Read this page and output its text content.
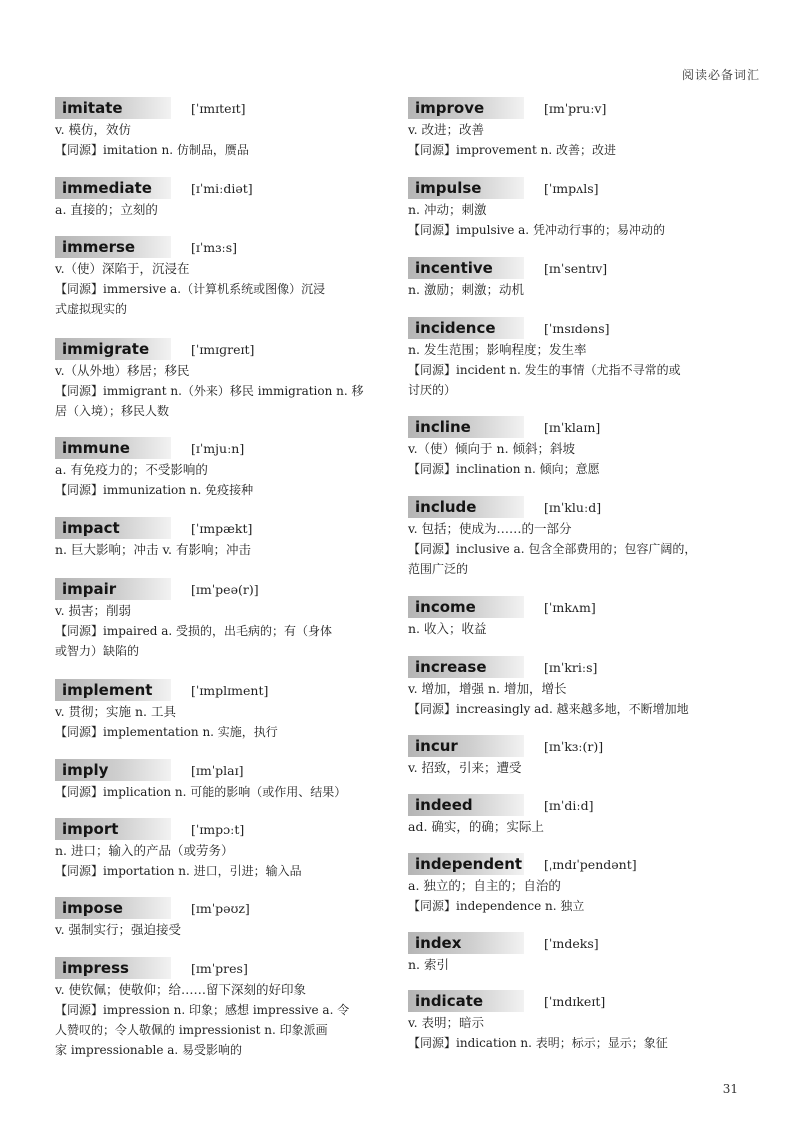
阅读必备词汇
imitate	[ˈɪmɪteɪt]
v. 模仿，效仿
【同源】imitation n. 仿制品，赝品
immediate	[ɪˈmiːdiət]
a. 直接的；立刻的
immerse	[ɪˈmɜːs]
v.（使）深陷于，沉浸在
【同源】immersive a.（计算机系统或图像）沉浸
式虚拟现实的
immigrate	[ˈɪmɪɡreɪt]
v.（从外地）移居；移民
【同源】immigrant n.（外来）移民 immigration n. 移
居（入境）；移民人数
immune	[ɪˈmjuːn]
a. 有免疫力的；不受影响的
【同源】immunization n. 免疫接种
impact	[ˈɪmpækt]
n. 巨大影响；冲击 v. 有影响；冲击
impair	[ɪmˈpeə(r)]
v. 损害；削弱
【同源】impaired a. 受损的，出毛病的；有（身体
或智力）缺陷的
implement	[ˈɪmplɪment]
v. 贯彻；实施 n. 工具
【同源】implementation n. 实施，执行
imply	[ɪmˈplaɪ]
【同源】implication n. 可能的影响（或作用、结果）
import	[ˈɪmpɔːt]
n. 进口；输入的产品（或劳务）
【同源】importation n. 进口，引进；输入品
impose	[ɪmˈpəʊz]
v. 强制实行；强迫接受
impress	[ɪmˈpres]
v. 使钦佩；使敬仰；给……留下深刻的好印象
【同源】impression n. 印象；感想 impressive a. 令
人赞叹的；令人敬佩的 impressionist n. 印象派画
家 impressionable a. 易受影响的
improve	[ɪmˈpruːv]
v. 改进；改善
【同源】improvement n. 改善；改进
impulse	[ˈɪmpʌls]
n. 冲动；刺激
【同源】impulsive a. 凭冲动行事的；易冲动的
incentive	[ɪnˈsentɪv]
n. 激励；刺激；动机
incidence	[ˈɪnsɪdəns]
n. 发生范围；影响程度；发生率
【同源】incident n. 发生的事情（尤指不寻常的或
讨厌的）
incline	[ɪnˈklaɪn]
v.（使）倾向于 n. 倾斜；斜坡
【同源】inclination n. 倾向；意愿
include	[ɪnˈkluːd]
v. 包括；使成为……的一部分
【同源】inclusive a. 包含全部费用的；包容广阔的，
范围广泛的
income	[ˈɪnkʌm]
n. 收入；收益
increase	[ɪnˈkriːs]
v. 增加，增强 n. 增加，增长
【同源】increasingly ad. 越来越多地，不断增加地
incur	[ɪnˈkɜː(r)]
v. 招致，引来；遭受
indeed	[ɪnˈdiːd]
ad. 确实，的确；实际上
independent [ˌɪndɪˈpendənt]
a. 独立的；自主的；自治的
【同源】independence n. 独立
index	[ˈɪndeks]
n. 索引
indicate	[ˈɪndɪkeɪt]
v. 表明；暗示
【同源】indication n. 表明；标示；显示；象征
31
